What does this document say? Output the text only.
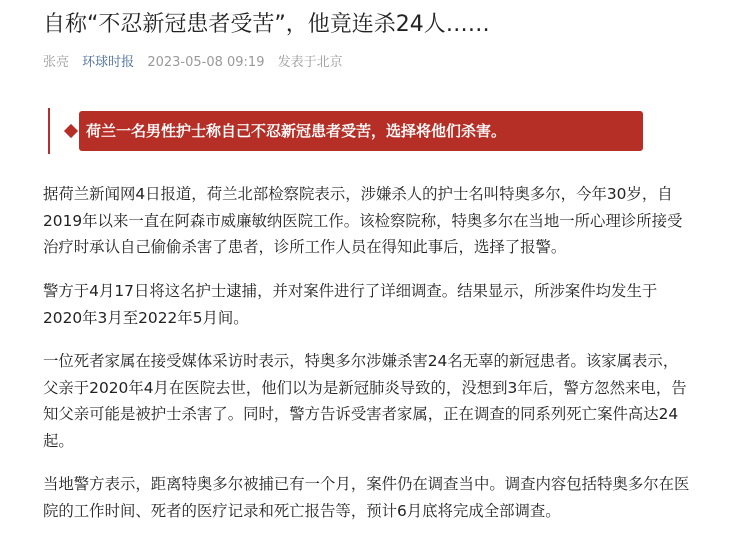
自称“不忍新冠患者受苦”，他竟连杀24人……
张亮 环球时报 2023-05-08 09:19 发表于北京
荷兰一名男性护士称自己不忍新冠患者受苦，选择将他们杀害。

据荷兰新闻网4日报道，荷兰北部检察院表示，涉嫌杀人的护士名叫特奥多尔，今年30岁，自2019年以来一直在阿森市威廉敏纳医院工作。该检察院称，特奥多尔在当地一所心理诊所接受治疗时承认自己偷偷杀害了患者，诊所工作人员在得知此事后，选择了报警。

警方于4月17日将这名护士逮捕，并对案件进行了详细调查。结果显示，所涉案件均发生于2020年3月至2022年5月间。

一位死者家属在接受媒体采访时表示，特奥多尔涉嫌杀害24名无辜的新冠患者。该家属表示，父亲于2020年4月在医院去世，他们以为是新冠肺炎导致的，没想到3年后，警方忽然来电，告知父亲可能是被护士杀害了。同时，警方告诉受害者家属，正在调查的同系列死亡案件高达24起。

当地警方表示，距离特奥多尔被捕已有一个月，案件仍在调查当中。调查内容包括特奥多尔在医院的工作时间、死者的医疗记录和死亡报告等，预计6月底将完成全部调查。
